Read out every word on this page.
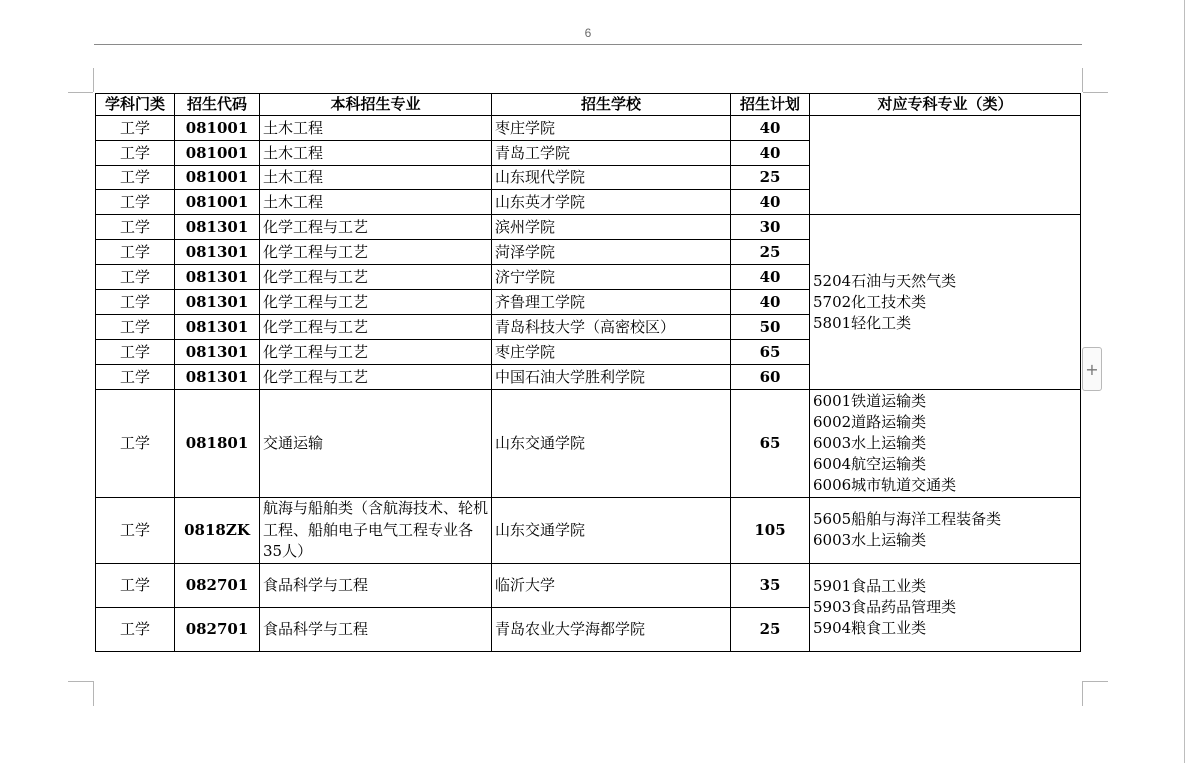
6
+
学科门类	招生代码	本科招生专业	招生学校	招生计划	对应专科专业（类）
工学	081001	土木工程	枣庄学院	40	
工学	081001	土木工程	青岛工学院	40	
工学	081001	土木工程	山东现代学院	25	
工学	081001	土木工程	山东英才学院	40	
工学	081301	化学工程与工艺	滨州学院	30	5204石油与天然气类
5702化工技术类
5801轻化工类

工学	081301	化学工程与工艺	菏泽学院	25	
工学	081301	化学工程与工艺	济宁学院	40	
工学	081301	化学工程与工艺	齐鲁理工学院	40	
工学	081301	化学工程与工艺	青岛科技大学（高密校区）	50	
工学	081301	化学工程与工艺	枣庄学院	65	
工学	081301	化学工程与工艺	中国石油大学胜利学院	60	
工学	081801	交通运输	山东交通学院	65	6001铁道运输类
6002道路运输类
6003水上运输类
6004航空运输类
6006城市轨道交通类

工学	0818ZK	航海与船舶类（含航海技术、轮机工程、船舶电子电气工程专业各35人）	山东交通学院	105	5605船舶与海洋工程装备类
6003水上运输类

工学	082701	食品科学与工程	临沂大学	35	5901食品工业类
5903食品药品管理类
5904粮食工业类

工学	082701	食品科学与工程	青岛农业大学海都学院	25	
